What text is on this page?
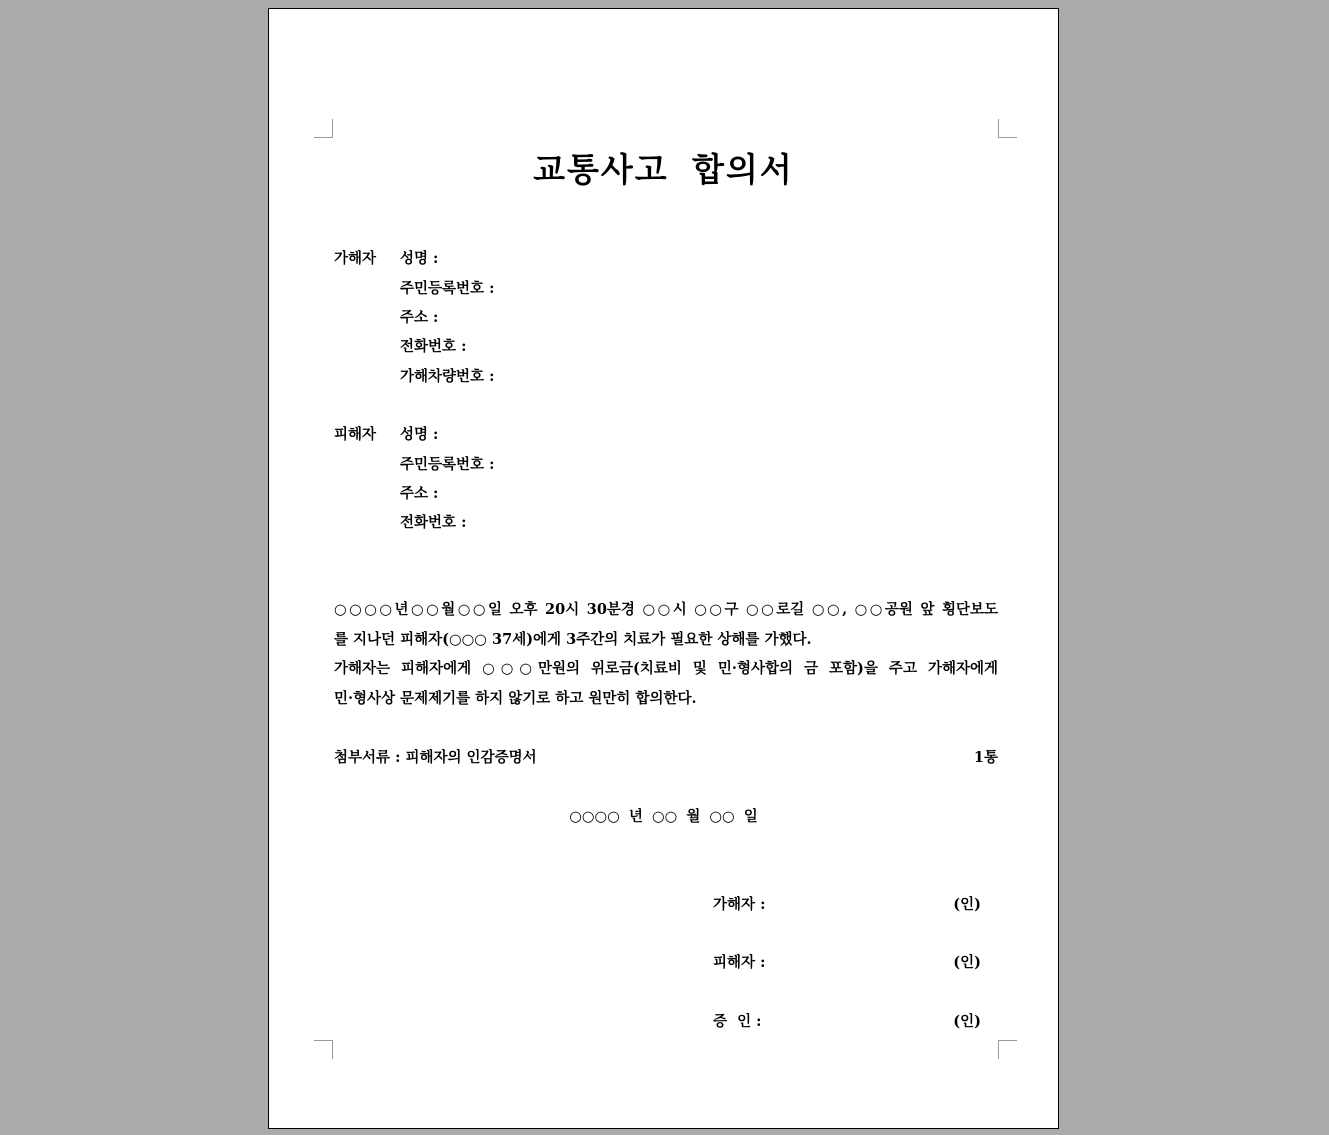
교통사고 합의서
가해자 성명 :
주민등록번호 :
주소 :
전화번호 :
가해차량번호 :
피해자 성명 :
주민등록번호 :
주소 :
전화번호 :

○○○○년○○월○○일 오후 20시 30분경 ○○시 ○○구 ○○로길 ○○, ○○공원 앞 횡단보도

를 지나던 피해자(○○○ 37세)에게 3주간의 치료가 필요한 상해를 가했다.

가해자는 피해자에게 ○○○만원의 위로금(치료비 및 민·형사합의 금 포함)을 주고 가해자에게

민·형사상 문제제기를 하지 않기로 하고 원만히 합의한다.

첨부서류 : 피해자의 인감증명서	1통
○○○○ 년 ○○ 월 ○○ 일
가해자 :	(인)
피해자 :	(인)
증  인 :	(인)
